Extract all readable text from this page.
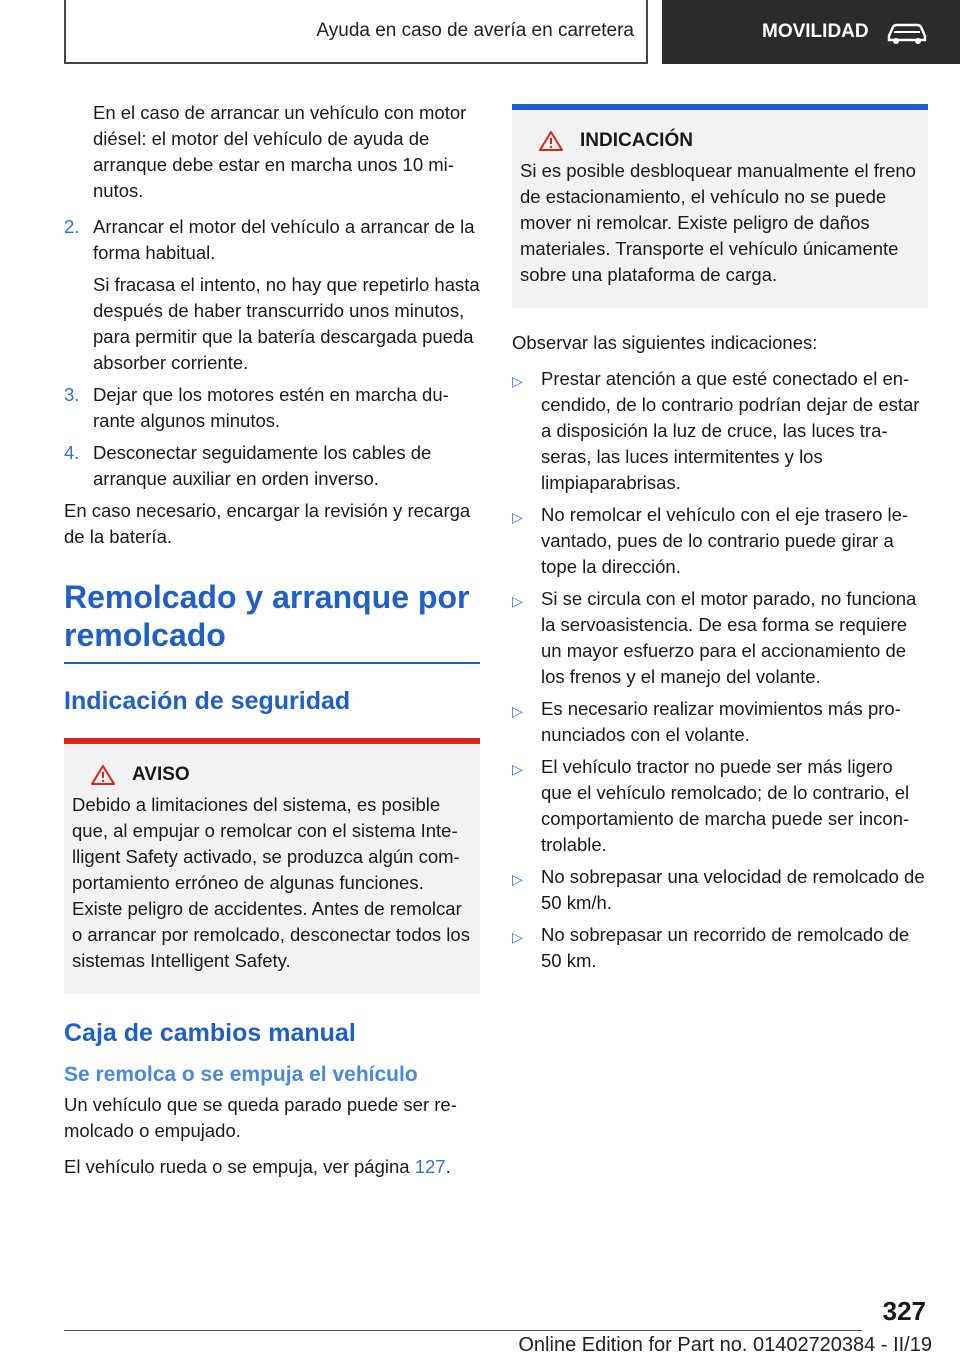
Ayuda en caso de avería en carretera	MOVILIDAD

En el caso de arrancar un vehículo con motor diésel: el motor del vehículo de ayuda de arranque debe estar en marcha unos 10 minutos.

2. Arrancar el motor del vehículo a arrancar de la forma habitual.
Si fracasa el intento, no hay que repetirlo hasta después de haber transcurrido unos minutos, para permitir que la batería descargada pueda absorber corriente.
3. Dejar que los motores estén en marcha durante algunos minutos.
4. Desconectar seguidamente los cables de arranque auxiliar en orden inverso.

En caso necesario, encargar la revisión y recarga de la batería.

Remolcado y arranque por remolcado
Indicación de seguridad
AVISO
Debido a limitaciones del sistema, es posible que, al empujar o remolcar con el sistema Intelligent Safety activado, se produzca algún comportamiento erróneo de algunas funciones. Existe peligro de accidentes. Antes de remolcar o arrancar por remolcado, desconectar todos los sistemas Intelligent Safety.
Caja de cambios manual
Se remolca o se empuja el vehículo

Un vehículo que se queda parado puede ser remolcado o empujado.

El vehículo rueda o se empuja, ver página 127.

INDICACIÓN
Si es posible desbloquear manualmente el freno de estacionamiento, el vehículo no se puede mover ni remolcar. Existe peligro de daños materiales. Transporte el vehículo únicamente sobre una plataforma de carga.

Observar las siguientes indicaciones:

▷ Prestar atención a que esté conectado el encendido, de lo contrario podrían dejar de estar a disposición la luz de cruce, las luces traseras, las luces intermitentes y los limpiaparabrisas.
▷ No remolcar el vehículo con el eje trasero levantado, pues de lo contrario puede girar a tope la dirección.
▷ Si se circula con el motor parado, no funciona la servoasistencia. De esa forma se requiere un mayor esfuerzo para el accionamiento de los frenos y el manejo del volante.
▷ Es necesario realizar movimientos más pronunciados con el volante.
▷ El vehículo tractor no puede ser más ligero que el vehículo remolcado; de lo contrario, el comportamiento de marcha puede ser incontrolable.
▷ No sobrepasar una velocidad de remolcado de 50 km/h.
▷ No sobrepasar un recorrido de remolcado de 50 km.
327
Online Edition for Part no. 01402720384 - II/19
